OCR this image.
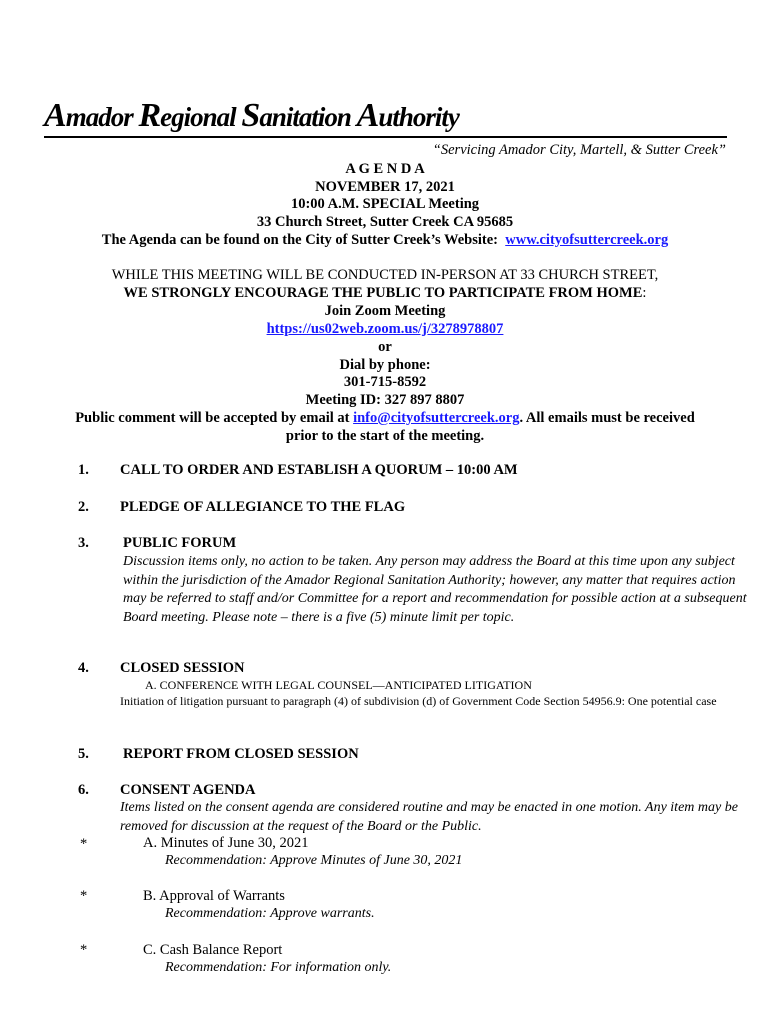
Amador Regional Sanitation Authority
“Servicing Amador City, Martell, & Sutter Creek”
A G E N D A
NOVEMBER 17, 2021
10:00 A.M. SPECIAL Meeting
33 Church Street, Sutter Creek CA 95685
The Agenda can be found on the City of Sutter Creek’s Website: www.cityofsuttercreek.org
WHILE THIS MEETING WILL BE CONDUCTED IN-PERSON AT 33 CHURCH STREET,
WE STRONGLY ENCOURAGE THE PUBLIC TO PARTICIPATE FROM HOME:
Join Zoom Meeting
https://us02web.zoom.us/j/3278978807
or
Dial by phone:
301-715-8592
Meeting ID: 327 897 8807
Public comment will be accepted by email at info@cityofsuttercreek.org. All emails must be received
prior to the start of the meeting.
1. CALL TO ORDER AND ESTABLISH A QUORUM – 10:00 AM
2. PLEDGE OF ALLEGIANCE TO THE FLAG
3. PUBLIC FORUM
Discussion items only, no action to be taken. Any person may address the Board at this time upon any subject within the jurisdiction of the Amador Regional Sanitation Authority; however, any matter that requires action may be referred to staff and/or Committee for a report and recommendation for possible action at a subsequent Board meeting. Please note – there is a five (5) minute limit per topic.
4. CLOSED SESSION
A. CONFERENCE WITH LEGAL COUNSEL—ANTICIPATED LITIGATION
Initiation of litigation pursuant to paragraph (4) of subdivision (d) of Government Code Section 54956.9: One potential case
5. REPORT FROM CLOSED SESSION
6. CONSENT AGENDA
Items listed on the consent agenda are considered routine and may be enacted in one motion. Any item may be removed for discussion at the request of the Board or the Public.
*	A. Minutes of June 30, 2021
Recommendation: Approve Minutes of June 30, 2021
*	B. Approval of Warrants
Recommendation: Approve warrants.
*	C. Cash Balance Report
Recommendation: For information only.
